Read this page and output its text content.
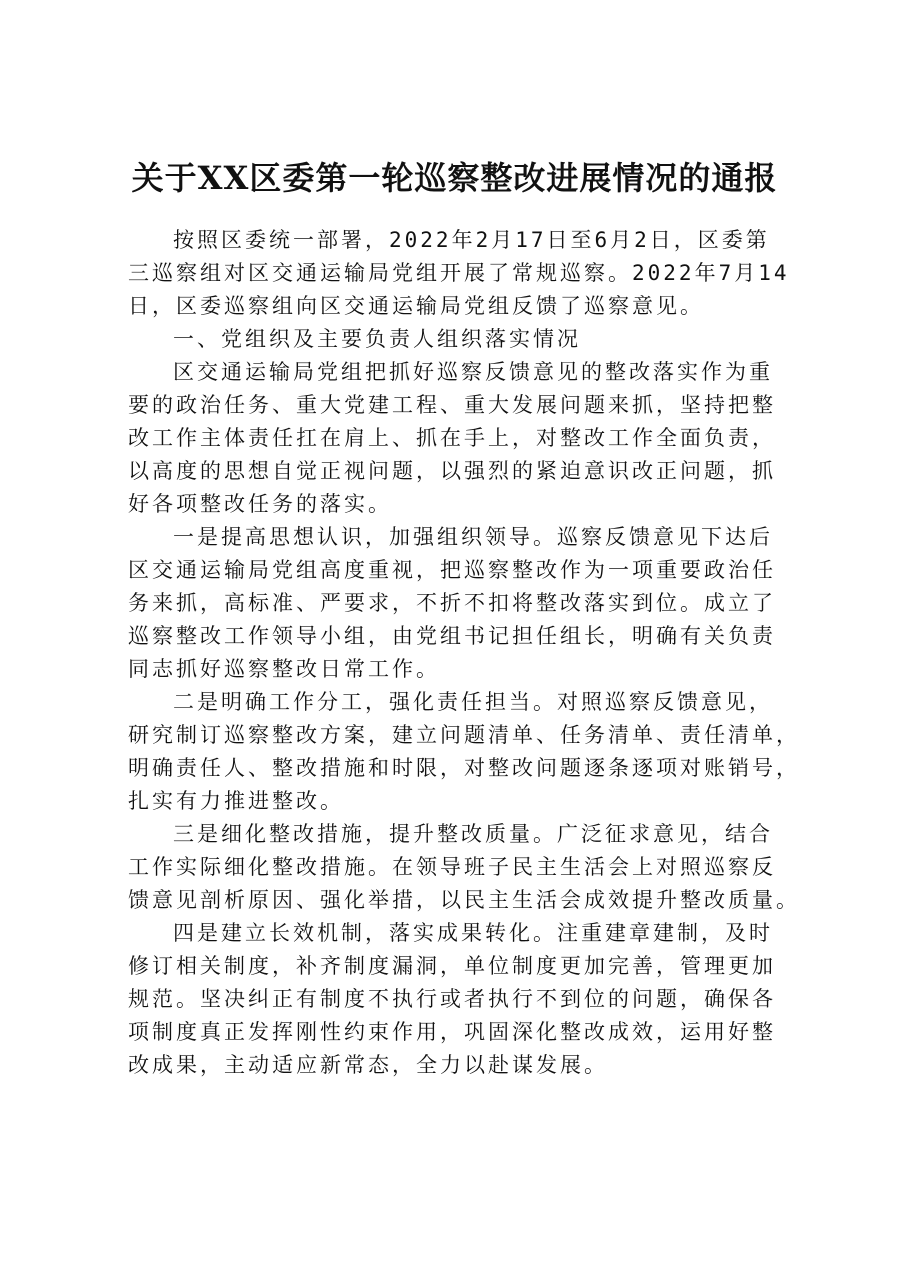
关于XX区委第一轮巡察整改进展情况的通报

按照区委统一部署，2022年2月17日至6月2日，区委第
三巡察组对区交通运输局党组开展了常规巡察。2022年7月14
日，区委巡察组向区交通运输局党组反馈了巡察意见。

一、党组织及主要负责人组织落实情况

区交通运输局党组把抓好巡察反馈意见的整改落实作为重
要的政治任务、重大党建工程、重大发展问题来抓，坚持把整
改工作主体责任扛在肩上、抓在手上，对整改工作全面负责，
以高度的思想自觉正视问题，以强烈的紧迫意识改正问题，抓
好各项整改任务的落实。

一是提高思想认识，加强组织领导。巡察反馈意见下达后
区交通运输局党组高度重视，把巡察整改作为一项重要政治任
务来抓，高标准、严要求，不折不扣将整改落实到位。成立了
巡察整改工作领导小组，由党组书记担任组长，明确有关负责
同志抓好巡察整改日常工作。

二是明确工作分工，强化责任担当。对照巡察反馈意见，
研究制订巡察整改方案，建立问题清单、任务清单、责任清单，
明确责任人、整改措施和时限，对整改问题逐条逐项对账销号，
扎实有力推进整改。

三是细化整改措施，提升整改质量。广泛征求意见，结合
工作实际细化整改措施。在领导班子民主生活会上对照巡察反
馈意见剖析原因、强化举措，以民主生活会成效提升整改质量。

四是建立长效机制，落实成果转化。注重建章建制，及时
修订相关制度，补齐制度漏洞，单位制度更加完善，管理更加
规范。坚决纠正有制度不执行或者执行不到位的问题，确保各
项制度真正发挥刚性约束作用，巩固深化整改成效，运用好整
改成果，主动适应新常态，全力以赴谋发展。
